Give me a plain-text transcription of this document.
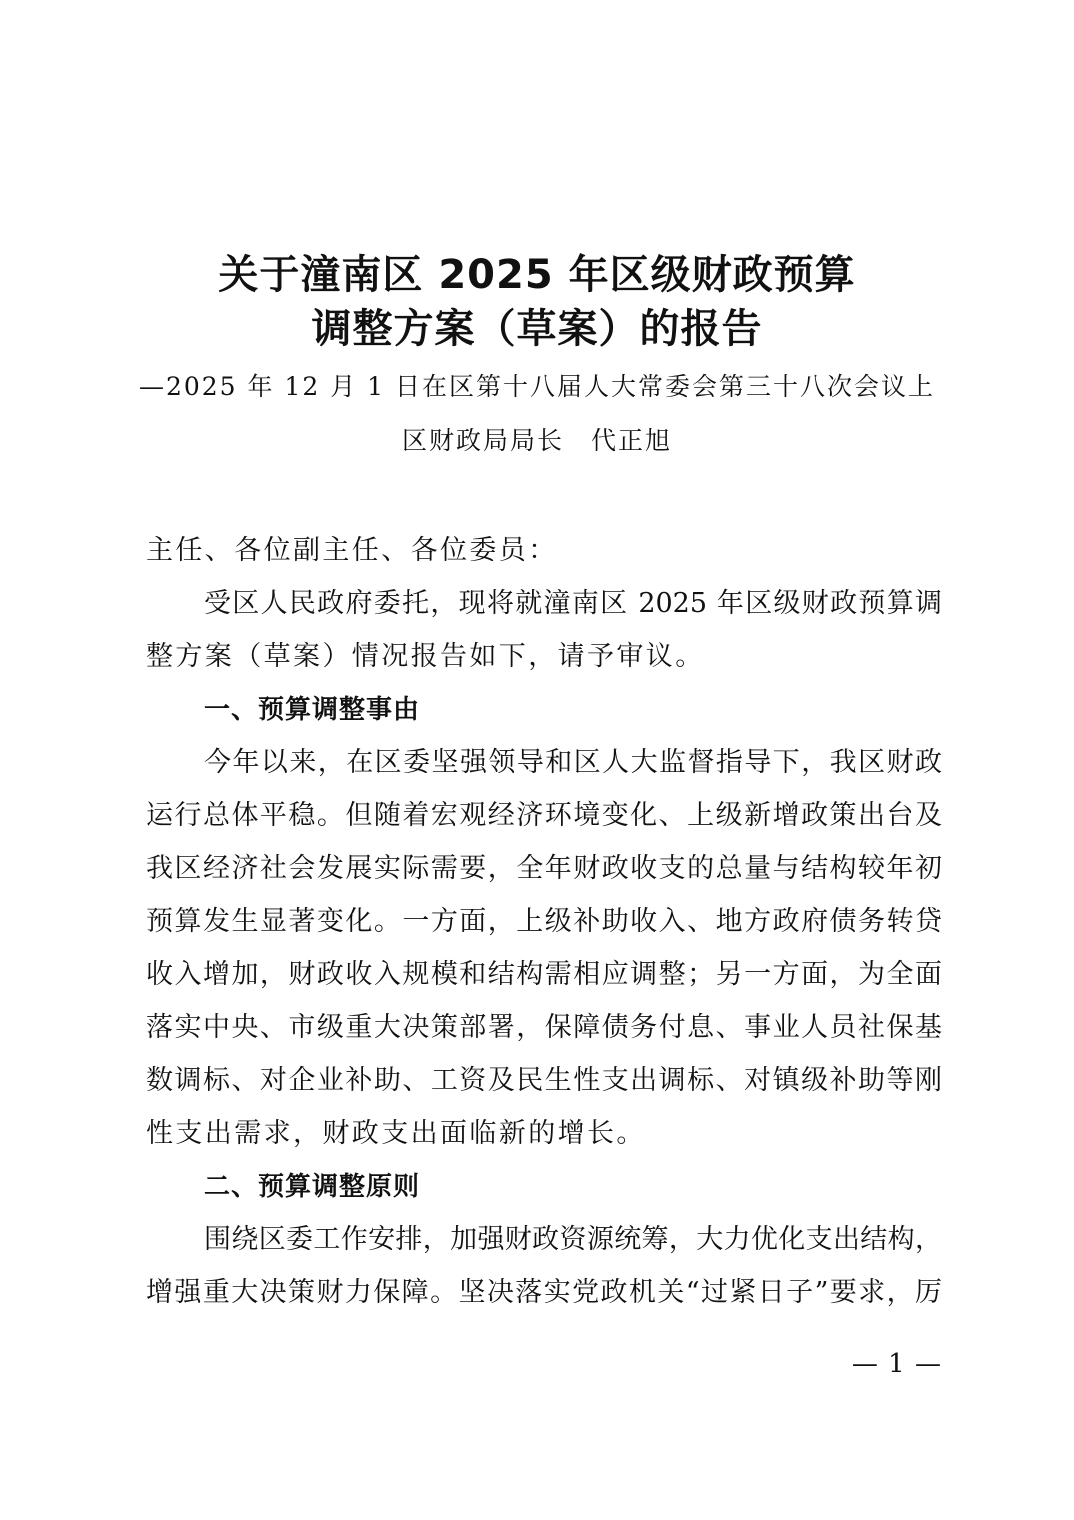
关于潼南区 2025 年区级财政预算
调整方案（草案）的报告
—2025 年 12 月 1 日在区第十八届人大常委会第三十八次会议上
区财政局局长　代正旭
主任、各位副主任、各位委员：
受区人民政府委托，现将就潼南区 2025 年区级财政预算调
整方案（草案）情况报告如下，请予审议。
一、预算调整事由
今年以来，在区委坚强领导和区人大监督指导下，我区财政
运行总体平稳。但随着宏观经济环境变化、上级新增政策出台及
我区经济社会发展实际需要，全年财政收支的总量与结构较年初
预算发生显著变化。一方面，上级补助收入、地方政府债务转贷
收入增加，财政收入规模和结构需相应调整；另一方面，为全面
落实中央、市级重大决策部署，保障债务付息、事业人员社保基
数调标、对企业补助、工资及民生性支出调标、对镇级补助等刚
性支出需求，财政支出面临新的增长。
二、预算调整原则
围绕区委工作安排，加强财政资源统筹，大力优化支出结构，
增强重大决策财力保障。坚决落实党政机关“过紧日子”要求，厉
— 1 —
